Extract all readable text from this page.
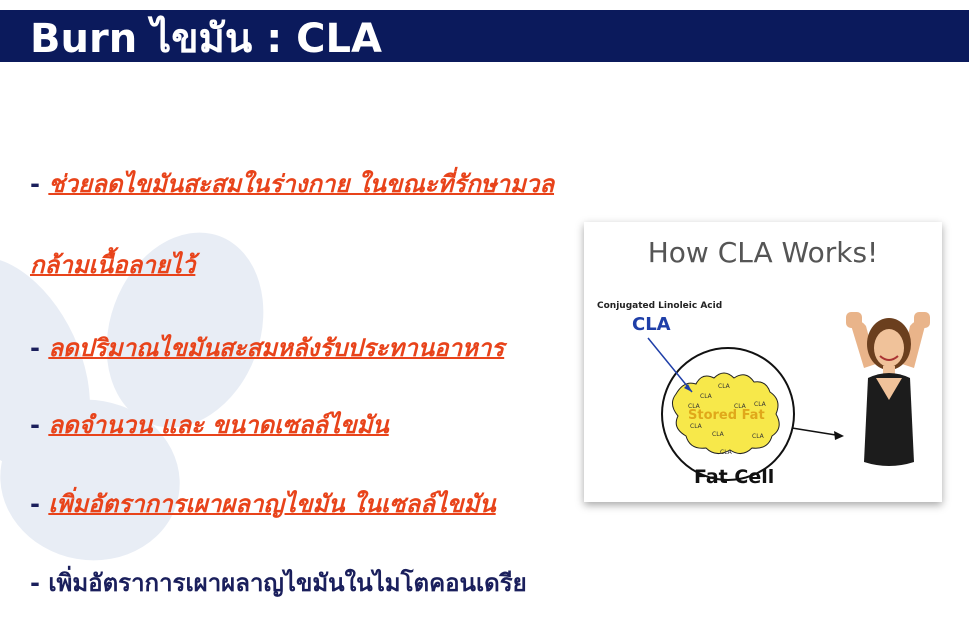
Burn ไขมัน : CLA
- ช่วยลดไขมันสะสมในร่างกาย ในขณะที่รักษามวล
กล้ามเนื้อลายไว้
- ลดปริมาณไขมันสะสมหลังรับประทานอาหาร
- ลดจำนวน และ ขนาดเซลล์ไขมัน
- เพิ่มอัตราการเผาผลาญไขมัน ในเซลล์ไขมัน
- เพิ่มอัตราการเผาผลาญไขมันในไมโตคอนเดรีย
CLA
CLA
CLA
CLA CLA
CLA	CLA
CLA
CLA
How CLA Works!
Conjugated Linoleic Acid
CLA
Stored Fat
Fat Cell
